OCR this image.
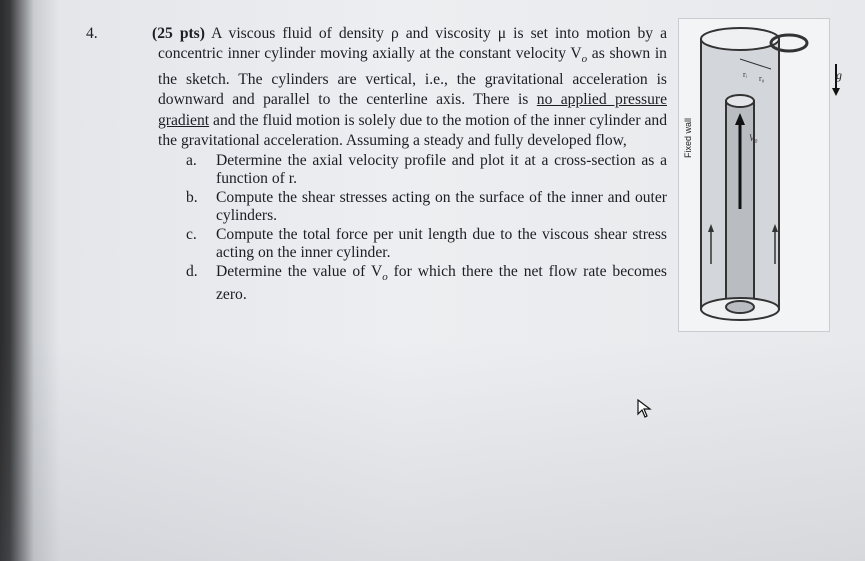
4.	(25 pts) A viscous fluid of density ρ and viscosity μ is set into motion by a concentric inner cylinder moving axially at the constant velocity $V_o$ as shown in the sketch. The cylinders are vertical, i.e., the gravitational acceleration is downward and parallel to the centerline axis. There is no applied pressure gradient and the fluid motion is solely due to the motion of the inner cylinder and the gravitational acceleration. Assuming a steady and fully developed flow,
a.	Determine the axial velocity profile and plot it at a cross-section as a function of r.
b.	Compute the shear stresses acting on the surface of the inner and outer cylinders.
c.	Compute the total force per unit length due to the viscous shear stress acting on the inner cylinder.
d.	Determine the value of $V_o$ for which there the net flow rate becomes zero.
rᵢ r₀
V₀
Fixed wall
g⃗
